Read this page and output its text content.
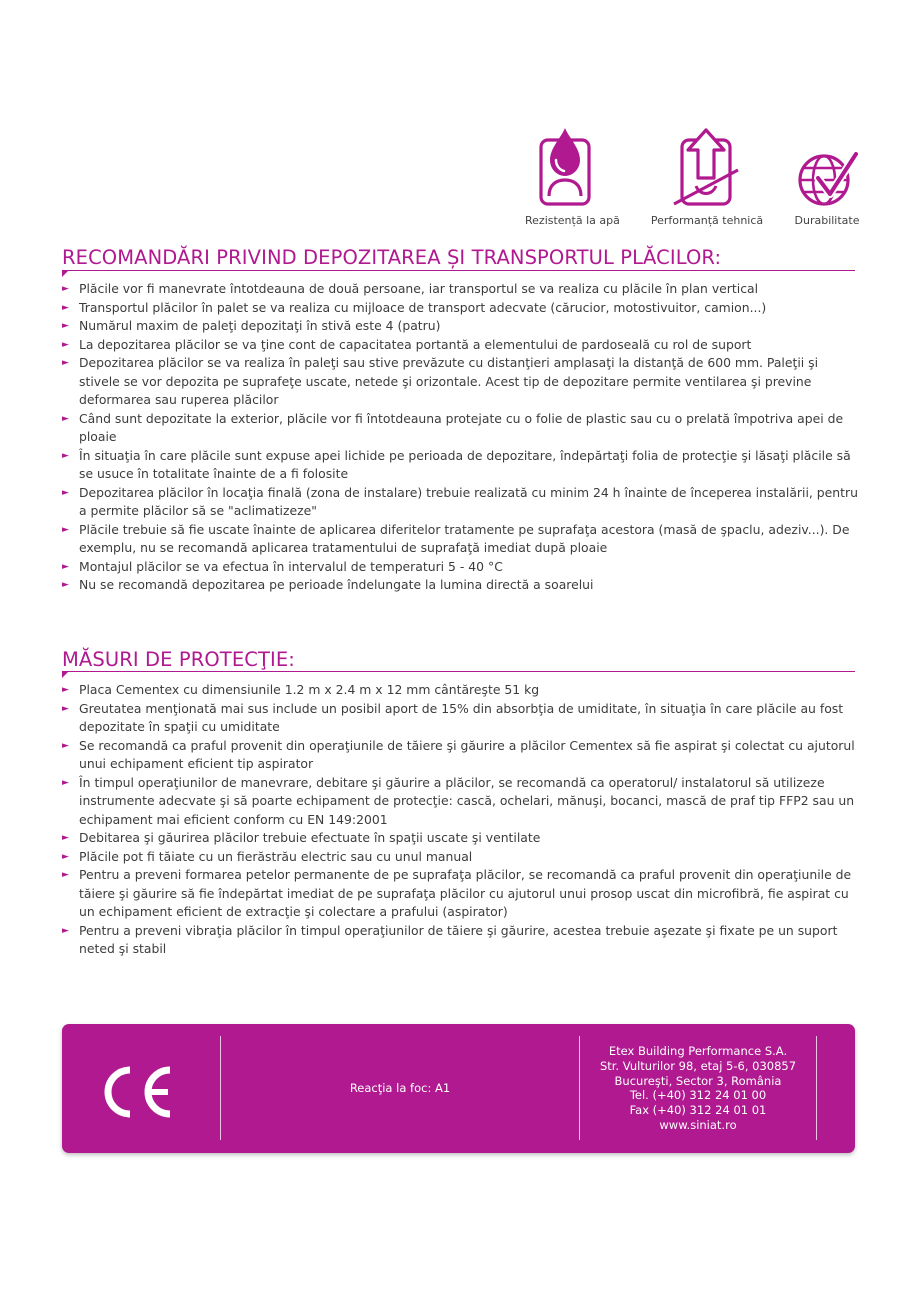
Rezistență la apă	Performanță tehnică	Durabilitate
RECOMANDĂRI PRIVIND DEPOZITAREA ȘI TRANSPORTUL PLĂCILOR:
► Plăcile vor fi manevrate întotdeauna de două persoane, iar transportul se va realiza cu plăcile în plan vertical
► Transportul plăcilor în palet se va realiza cu mijloace de transport adecvate (cărucior, motostivuitor, camion...)
► Numărul maxim de paleţi depozitaţi în stivă este 4 (patru)
► La depozitarea plăcilor se va ţine cont de capacitatea portantă a elementului de pardoseală cu rol de suport
► Depozitarea plăcilor se va realiza în paleţi sau stive prevăzute cu distanţieri amplasaţi la distanţă de 600 mm. Paleţii şi stivele se vor depozita pe suprafeţe uscate, netede şi orizontale. Acest tip de depozitare permite ventilarea şi previne deformarea sau ruperea plăcilor
► Când sunt depozitate la exterior, plăcile vor fi întotdeauna protejate cu o folie de plastic sau cu o prelată împotriva apei de ploaie
► În situaţia în care plăcile sunt expuse apei lichide pe perioada de depozitare, îndepărtaţi folia de protecţie şi lăsaţi plăcile să se usuce în totalitate înainte de a fi folosite
► Depozitarea plăcilor în locaţia finală (zona de instalare) trebuie realizată cu minim 24 h înainte de începerea instalării, pentru a permite plăcilor să se "aclimatizeze"
► Plăcile trebuie să fie uscate înainte de aplicarea diferitelor tratamente pe suprafaţa acestora (masă de şpaclu, adeziv...). De exemplu, nu se recomandă aplicarea tratamentului de suprafaţă imediat după ploaie
► Montajul plăcilor se va efectua în intervalul de temperaturi 5 - 40 °C
► Nu se recomandă depozitarea pe perioade îndelungate la lumina directă a soarelui
MĂSURI DE PROTECŢIE:
► Placa Cementex cu dimensiunile 1.2 m x 2.4 m x 12 mm cântăreşte 51 kg
► Greutatea menţionată mai sus include un posibil aport de 15% din absorbţia de umiditate, în situaţia în care plăcile au fost depozitate în spaţii cu umiditate
► Se recomandă ca praful provenit din operaţiunile de tăiere şi găurire a plăcilor Cementex să fie aspirat şi colectat cu ajutorul unui echipament eficient tip aspirator
► În timpul operaţiunilor de manevrare, debitare şi găurire a plăcilor, se recomandă ca operatorul/ instalatorul să utilizeze instrumente adecvate şi să poarte echipament de protecţie: cască, ochelari, mănuşi, bocanci, mască de praf tip FFP2 sau un echipament mai eficient conform cu EN 149:2001
► Debitarea şi găurirea plăcilor trebuie efectuate în spaţii uscate şi ventilate
► Plăcile pot fi tăiate cu un fierăstrău electric sau cu unul manual
► Pentru a preveni formarea petelor permanente de pe suprafaţa plăcilor, se recomandă ca praful provenit din operaţiunile de tăiere şi găurire să fie îndepărtat imediat de pe suprafaţa plăcilor cu ajutorul unui prosop uscat din microfibră, fie aspirat cu un echipament eficient de extracţie şi colectare a prafului (aspirator)
► Pentru a preveni vibraţia plăcilor în timpul operaţiunilor de tăiere şi găurire, acestea trebuie aşezate şi fixate pe un suport neted şi stabil
Reacţia la foc: A1
Etex Building Performance S.A.
Str. Vulturilor 98, etaj 5-6, 030857
Bucureşti, Sector 3, România
Tel. (+40) 312 24 01 00
Fax (+40) 312 24 01 01
www.siniat.ro
